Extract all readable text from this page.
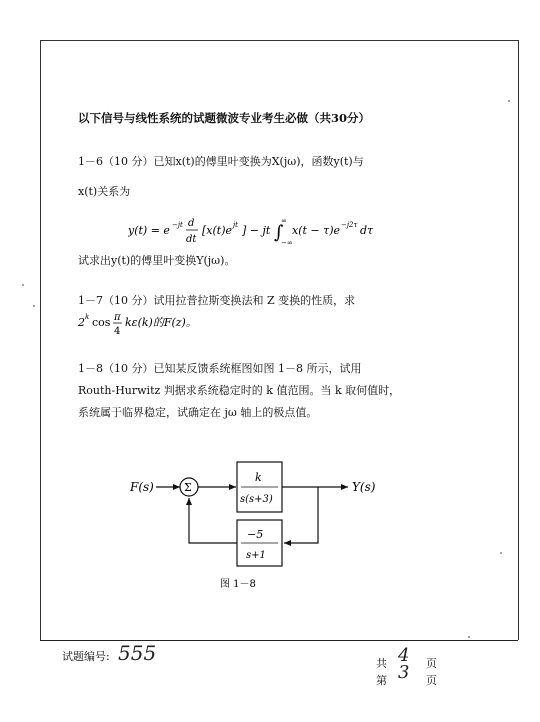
以下信号与线性系统的试题微波专业考生必做（共30分）
1－6（10 分）已知x(t)的傅里叶变换为X(jω)，函数y(t)与
x(t)关系为
y(t) = e −jt d
dt
[x(t)e jt ] − jt ∫
∞
−∞
x(t − τ)e −j2τ dτ
试求出y(t)的傅里叶变换Y(jω)。
1－7（10 分）试用拉普拉斯变换法和 Z 变换的性质，求
2 k cos π
4
kε(k)的F(z)。
1－8（10 分）已知某反馈系统框图如图 1－8 所示，试用
Routh-Hurwitz 判据求系统稳定时的 k 值范围。当 k 取何值时，
系统属于临界稳定，试确定在 jω 轴上的极点值。
F(s)	Σ
k
s(s+3)
Y(s)
−5
s+1
图 1－8
试题编号: 555	共 4 页
第 3 页
